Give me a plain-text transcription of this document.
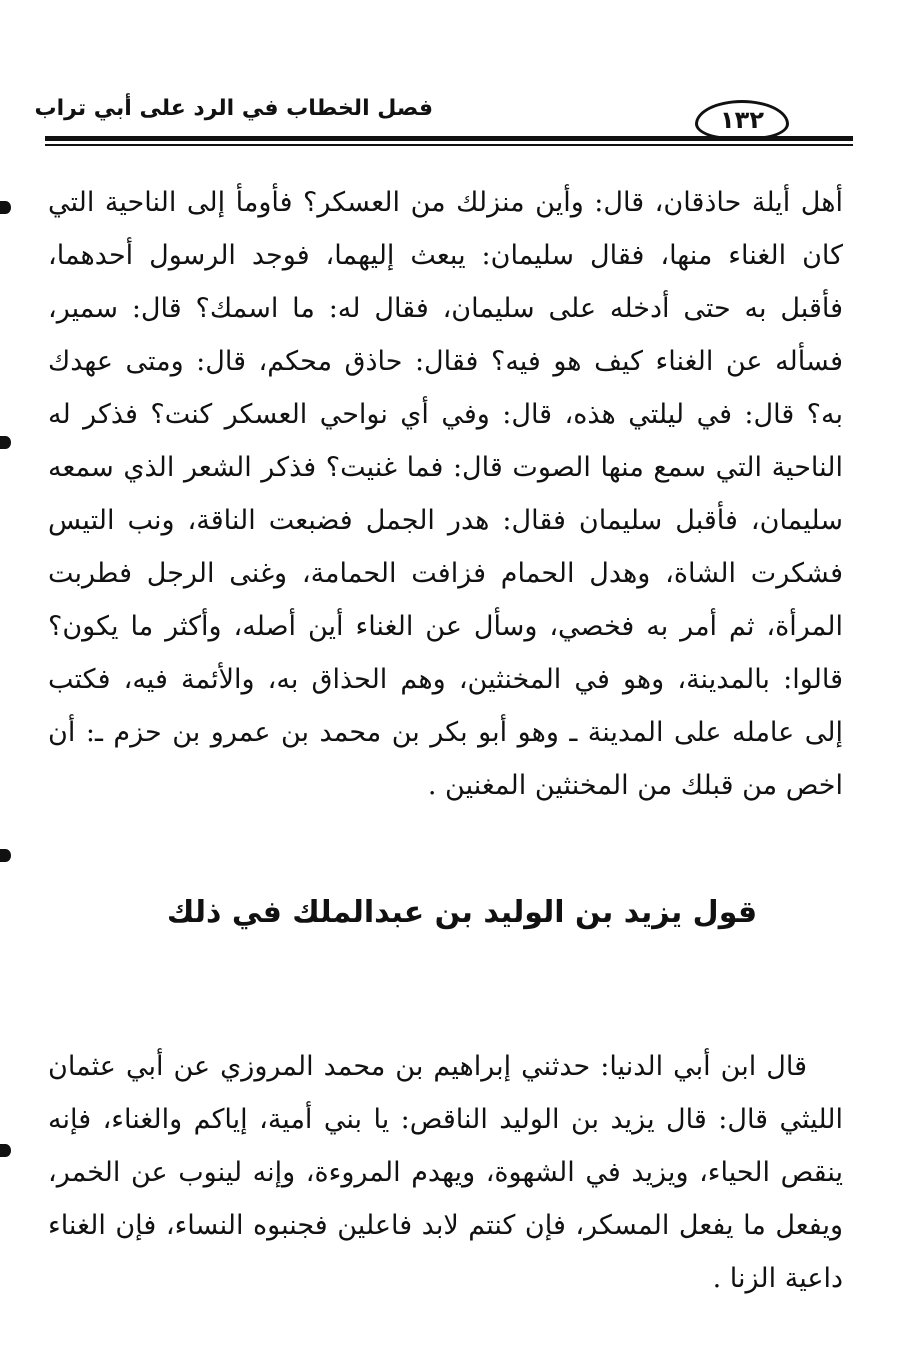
فصل الخطاب في الرد على أبي تراب	١٣٢
أهل أيلة حاذقان، قال: وأين منزلك من العسكر؟ فأومأ إلى الناحية التي كان الغناء منها، فقال سليمان: يبعث إليهما، فوجد الرسول أحدهما، فأقبل به حتى أدخله على سليمان، فقال له: ما اسمك؟ قال: سمير، فسأله عن الغناء كيف هو فيه؟ فقال: حاذق محكم، قال: ومتى عهدك به؟ قال: في ليلتي هذه، قال: وفي أي نواحي العسكر كنت؟ فذكر له الناحية التي سمع منها الصوت قال: فما غنيت؟ فذكر الشعر الذي سمعه سليمان، فأقبل سليمان فقال: هدر الجمل فضبعت الناقة، ونب التيس فشكرت الشاة، وهدل الحمام فزافت الحمامة، وغنى الرجل فطربت المرأة، ثم أمر به فخصي، وسأل عن الغناء أين أصله، وأكثر ما يكون؟ قالوا: بالمدينة، وهو في المخنثين، وهم الحذاق به، والأئمة فيه، فكتب إلى عامله على المدينة ـ وهو أبو بكر بن محمد بن عمرو بن حزم ـ: أن اخص من قبلك من المخنثين المغنين .
قول يزيد بن الوليد بن عبدالملك في ذلك
قال ابن أبي الدنيا: حدثني إبراهيم بن محمد المروزي عن أبي عثمان الليثي قال: قال يزيد بن الوليد الناقص: يا بني أمية، إياكم والغناء، فإنه ينقص الحياء، ويزيد في الشهوة، ويهدم المروءة، وإنه لينوب عن الخمر، ويفعل ما يفعل المسكر، فإن كنتم لابد فاعلين فجنبوه النساء، فإن الغناء داعية الزنا .
